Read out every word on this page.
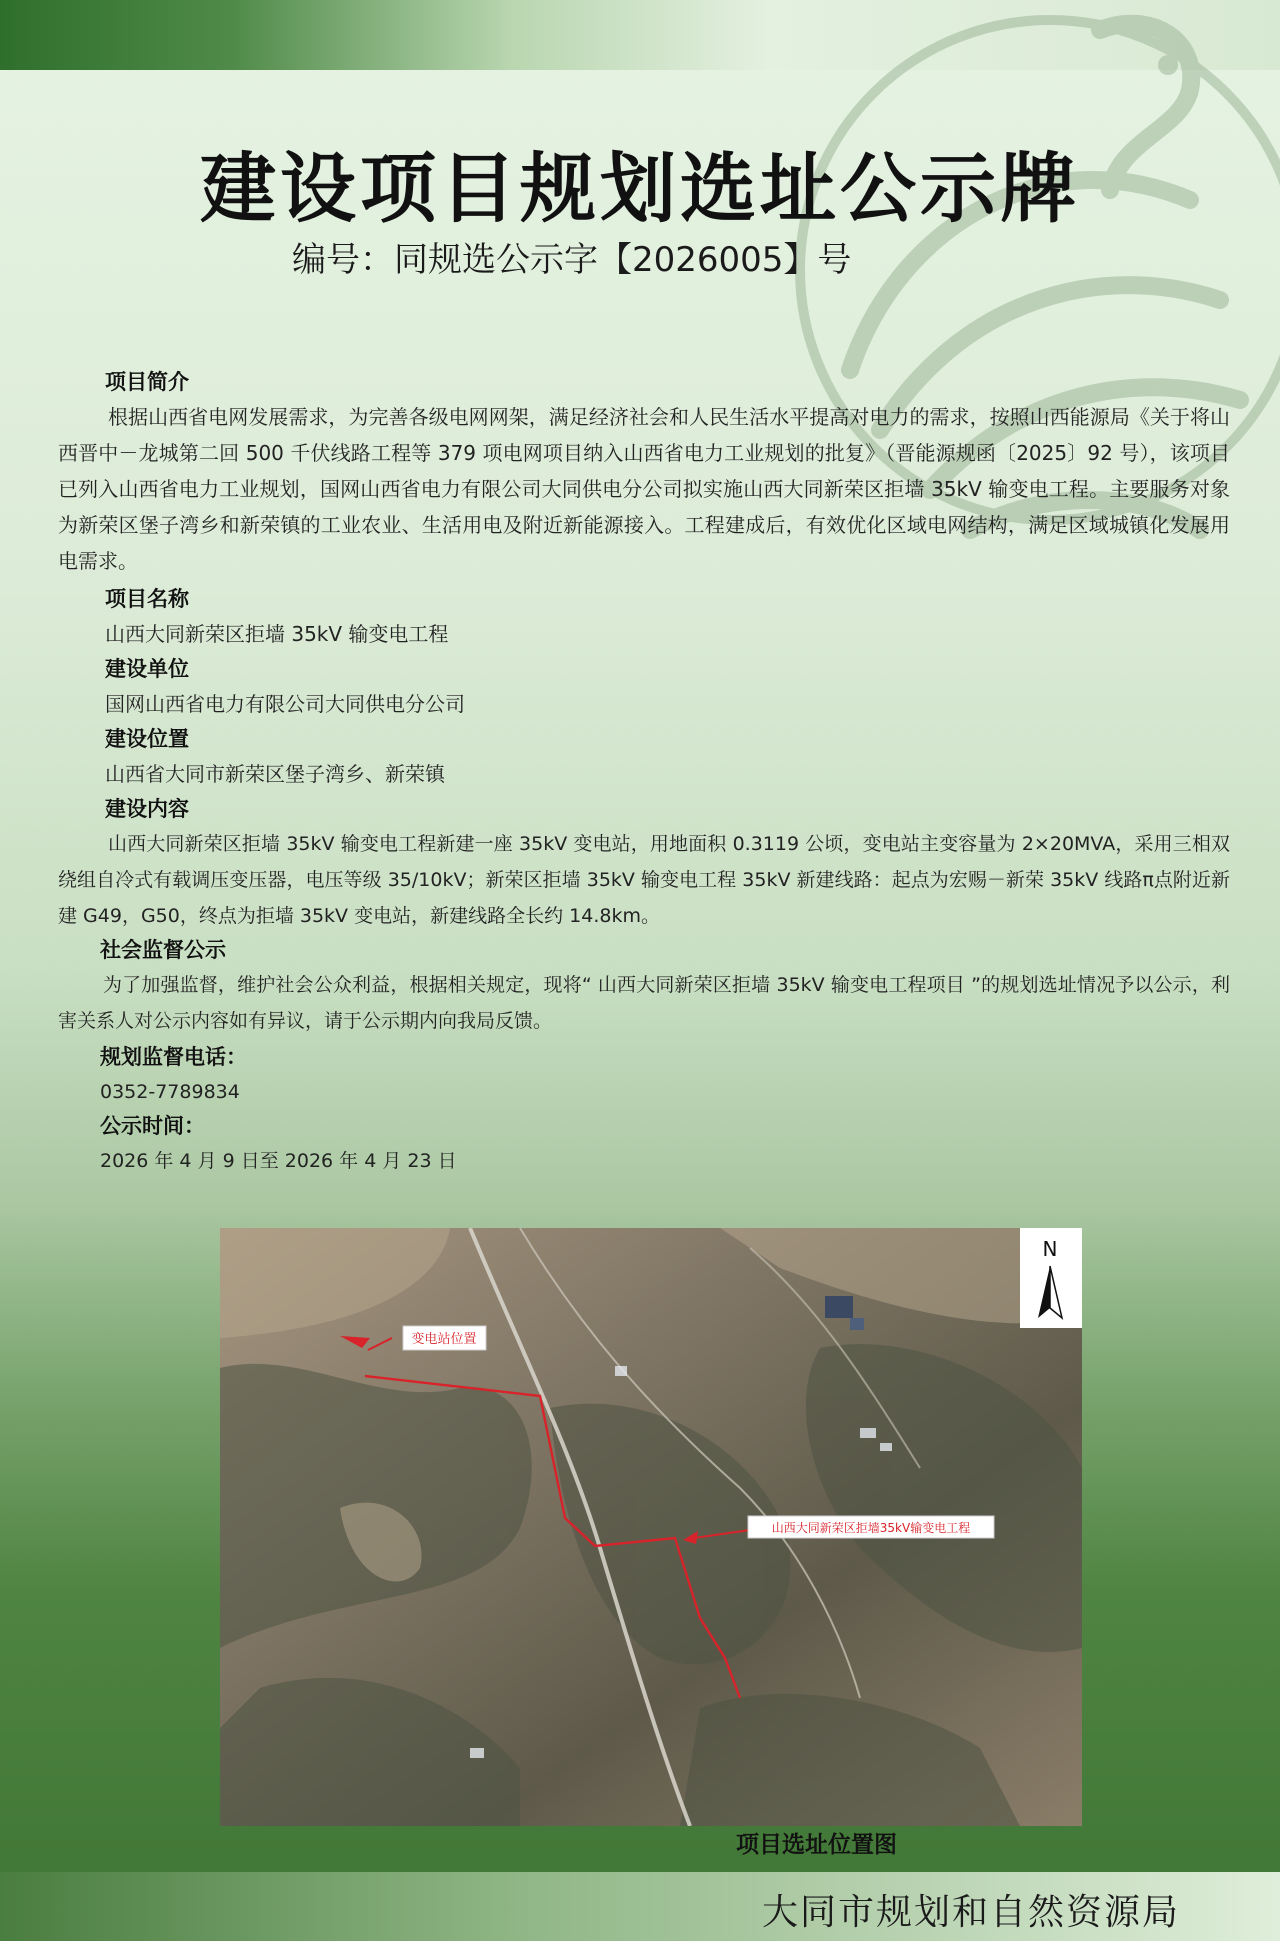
建设项目规划选址公示牌
编号：同规选公示字【2026005】号
项目简介
根据山西省电网发展需求，为完善各级电网网架，满足经济社会和人民生活水平提高对电力的需求，按照山西能源局《关于将山西晋中－龙城第二回 500 千伏线路工程等 379 项电网项目纳入山西省电力工业规划的批复》（晋能源规函〔2025〕92 号），该项目已列入山西省电力工业规划，国网山西省电力有限公司大同供电分公司拟实施山西大同新荣区拒墙 35kV 输变电工程。主要服务对象为新荣区堡子湾乡和新荣镇的工业农业、生活用电及附近新能源接入。工程建成后，有效优化区域电网结构，满足区域城镇化发展用电需求。
项目名称
山西大同新荣区拒墙 35kV 输变电工程
建设单位
国网山西省电力有限公司大同供电分公司
建设位置
山西省大同市新荣区堡子湾乡、新荣镇
建设内容
山西大同新荣区拒墙 35kV 输变电工程新建一座 35kV 变电站，用地面积 0.3119 公顷，变电站主变容量为 2×20MVA，采用三相双绕组自冷式有载调压变压器，电压等级 35/10kV；新荣区拒墙 35kV 输变电工程 35kV 新建线路：起点为宏赐－新荣 35kV 线路π点附近新建 G49，G50，终点为拒墙 35kV 变电站，新建线路全长约 14.8km。
社会监督公示
为了加强监督，维护社会公众利益，根据相关规定，现将“ 山西大同新荣区拒墙 35kV 输变电工程项目 ”的规划选址情况予以公示，利害关系人对公示内容如有异议，请于公示期内向我局反馈。
规划监督电话：
0352-7789834
公示时间：
2026 年 4 月 9 日至 2026 年 4 月 23 日
变电站位置
山西大同新荣区拒墙35kV输变电工程
N
项目选址位置图
大同市规划和自然资源局
